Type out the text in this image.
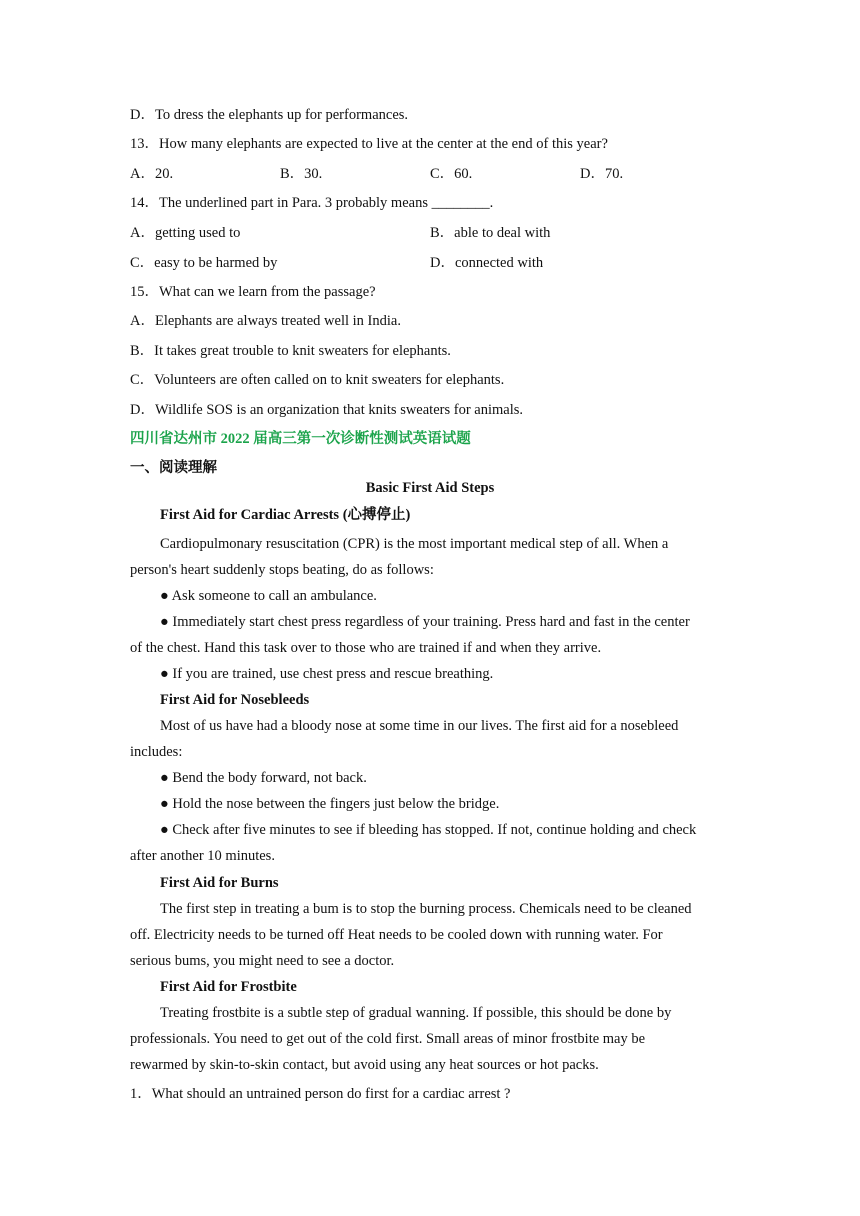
D．To dress the elephants up for performances.
13．How many elephants are expected to live at the center at the end of this year?
A．20.	B．30.	C．60.	D．70.
14．The underlined part in Para. 3 probably means ________.
A．getting used to	B．able to deal with
C．easy to be harmed by	D．connected with
15．What can we learn from the passage?
A．Elephants are always treated well in India.
B．It takes great trouble to knit sweaters for elephants.
C．Volunteers are often called on to knit sweaters for elephants.
D．Wildlife SOS is an organization that knits sweaters for animals.
四川省达州市 2022 届高三第一次诊断性测试英语试题
一、阅读理解
Basic First Aid Steps
First Aid for Cardiac Arrests (心搏停止)
Cardiopulmonary resuscitation (CPR) is the most important medical step of all. When a
person's heart suddenly stops beating, do as follows:
● Ask someone to call an ambulance.
● Immediately start chest press regardless of your training. Press hard and fast in the center
of the chest. Hand this task over to those who are trained if and when they arrive.
● If you are trained, use chest press and rescue breathing.
First Aid for Nosebleeds
Most of us have had a bloody nose at some time in our lives. The first aid for a nosebleed
includes:
● Bend the body forward, not back.
● Hold the nose between the fingers just below the bridge.
● Check after five minutes to see if bleeding has stopped. If not, continue holding and check
after another 10 minutes.
First Aid for Burns
The first step in treating a bum is to stop the burning process. Chemicals need to be cleaned
off. Electricity needs to be turned off Heat needs to be cooled down with running water. For
serious bums, you might need to see a doctor.
First Aid for Frostbite
Treating frostbite is a subtle step of gradual wanning. If possible, this should be done by
professionals. You need to get out of the cold first. Small areas of minor frostbite may be
rewarmed by skin-to-skin contact, but avoid using any heat sources or hot packs.
1．What should an untrained person do first for a cardiac arrest ?
